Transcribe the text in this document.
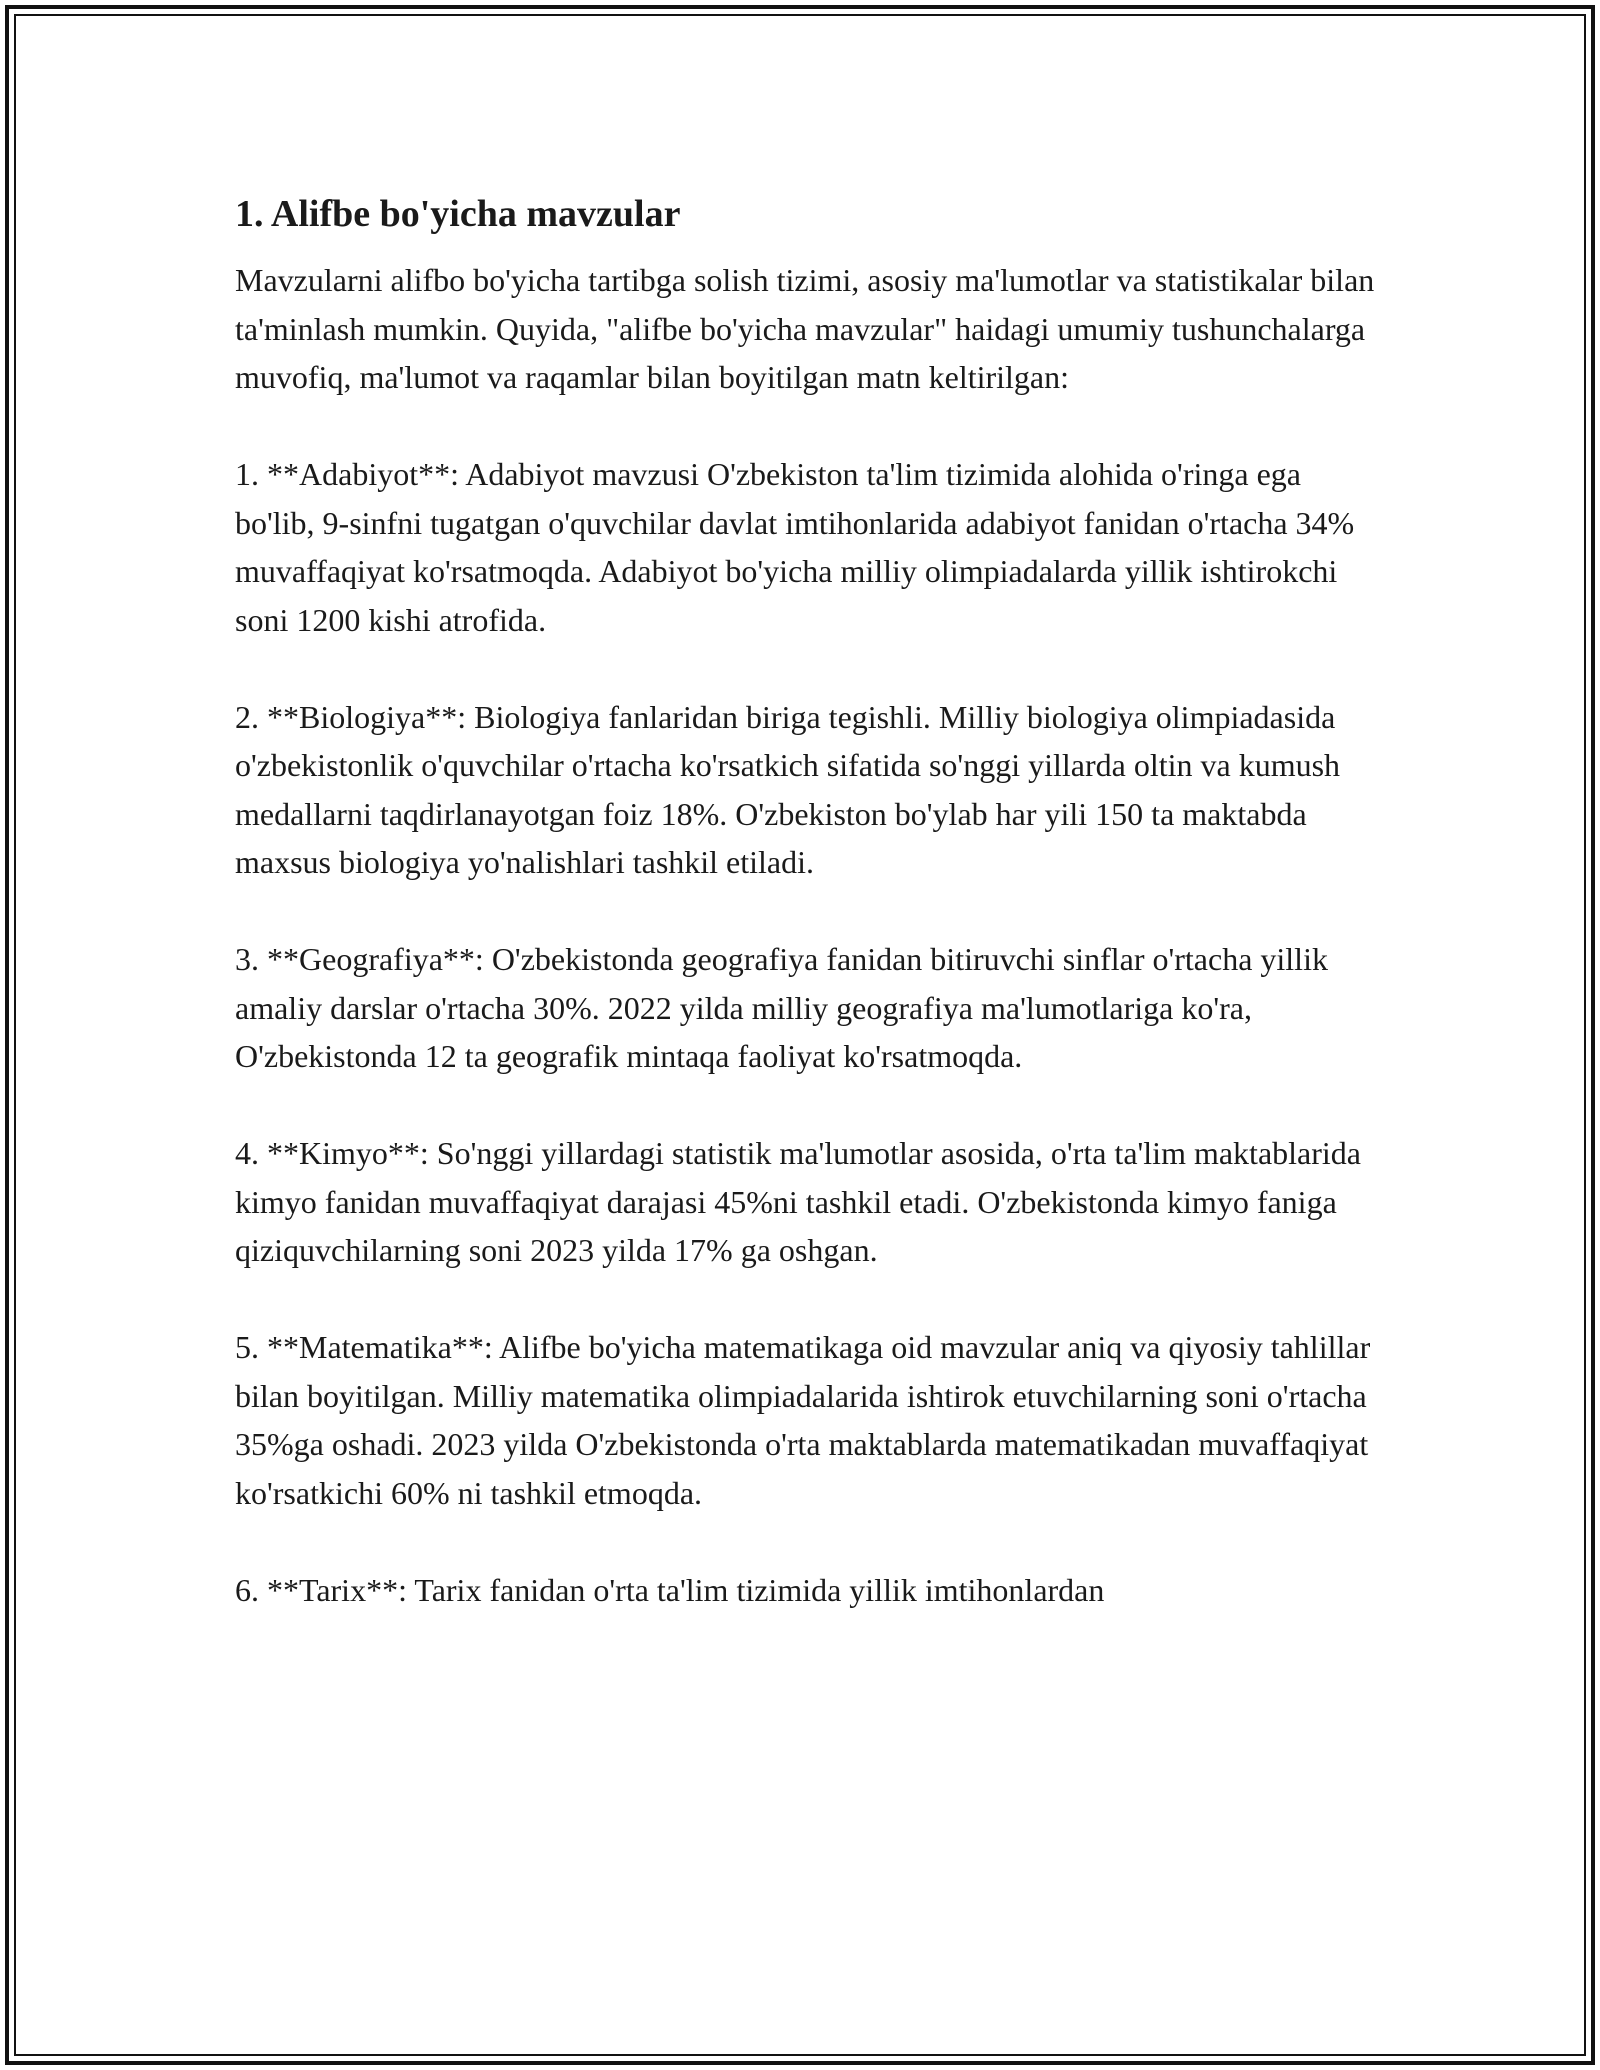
1. Alifbe bo'yicha mavzular
Mavzularni alifbo bo'yicha tartibga solish tizimi, asosiy ma'lumotlar va statistikalar bilan ta'minlash mumkin. Quyida, "alifbe bo'yicha mavzular" haidagi umumiy tushunchalarga muvofiq, ma'lumot va raqamlar bilan boyitilgan matn keltirilgan:
1. **Adabiyot**: Adabiyot mavzusi O'zbekiston ta'lim tizimida alohida o'ringa ega bo'lib, 9-sinfni tugatgan o'quvchilar davlat imtihonlarida adabiyot fanidan o'rtacha 34% muvaffaqiyat ko'rsatmoqda. Adabiyot bo'yicha milliy olimpiadalarda yillik ishtirokchi soni 1200 kishi atrofida.
2. **Biologiya**: Biologiya fanlaridan biriga tegishli. Milliy biologiya olimpiadasida o'zbekistonlik o'quvchilar o'rtacha ko'rsatkich sifatida so'nggi yillarda oltin va kumush medallarni taqdirlanayotgan foiz 18%. O'zbekiston bo'ylab har yili 150 ta maktabda maxsus biologiya yo'nalishlari tashkil etiladi.
3. **Geografiya**: O'zbekistonda geografiya fanidan bitiruvchi sinflar o'rtacha yillik amaliy darslar o'rtacha 30%. 2022 yilda milliy geografiya ma'lumotlariga ko'ra, O'zbekistonda 12 ta geografik mintaqa faoliyat ko'rsatmoqda.
4. **Kimyo**: So'nggi yillardagi statistik ma'lumotlar asosida, o'rta ta'lim maktablarida kimyo fanidan muvaffaqiyat darajasi 45%ni tashkil etadi. O'zbekistonda kimyo faniga qiziquvchilarning soni 2023 yilda 17% ga oshgan.
5. **Matematika**: Alifbe bo'yicha matematikaga oid mavzular aniq va qiyosiy tahlillar bilan boyitilgan. Milliy matematika olimpiadalarida ishtirok etuvchilarning soni o'rtacha 35%ga oshadi. 2023 yilda O'zbekistonda o'rta maktablarda matematikadan muvaffaqiyat ko'rsatkichi 60% ni tashkil etmoqda.
6. **Tarix**: Tarix fanidan o'rta ta'lim tizimida yillik imtihonlardan
